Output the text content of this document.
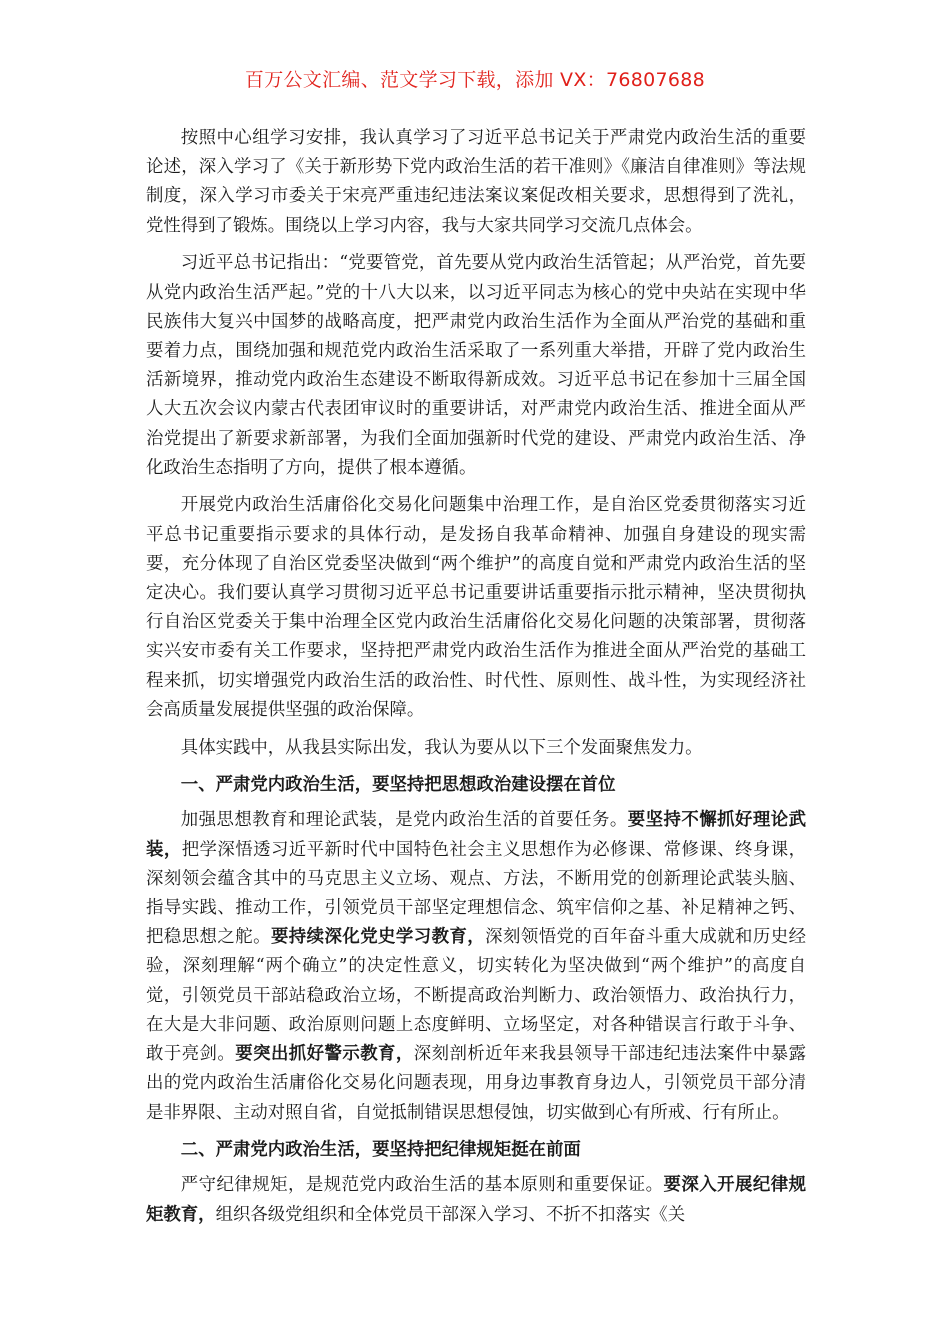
百万公文汇编、范文学习下载，添加 VX：76807688

按照中心组学习安排，我认真学习了习近平总书记关于严肃党内政治生活的重要论述，深入学习了《关于新形势下党内政治生活的若干准则》《廉洁自律准则》等法规制度，深入学习市委关于宋亮严重违纪违法案议案促改相关要求，思想得到了洗礼，党性得到了锻炼。围绕以上学习内容，我与大家共同学习交流几点体会。

习近平总书记指出：“党要管党，首先要从党内政治生活管起；从严治党，首先要从党内政治生活严起。”党的十八大以来，以习近平同志为核心的党中央站在实现中华民族伟大复兴中国梦的战略高度，把严肃党内政治生活作为全面从严治党的基础和重要着力点，围绕加强和规范党内政治生活采取了一系列重大举措，开辟了党内政治生活新境界，推动党内政治生态建设不断取得新成效。习近平总书记在参加十三届全国人大五次会议内蒙古代表团审议时的重要讲话，对严肃党内政治生活、推进全面从严治党提出了新要求新部署，为我们全面加强新时代党的建设、严肃党内政治生活、净化政治生态指明了方向，提供了根本遵循。

开展党内政治生活庸俗化交易化问题集中治理工作，是自治区党委贯彻落实习近平总书记重要指示要求的具体行动，是发扬自我革命精神、加强自身建设的现实需要，充分体现了自治区党委坚决做到“两个维护”的高度自觉和严肃党内政治生活的坚定决心。我们要认真学习贯彻习近平总书记重要讲话重要指示批示精神，坚决贯彻执行自治区党委关于集中治理全区党内政治生活庸俗化交易化问题的决策部署，贯彻落实兴安市委有关工作要求，坚持把严肃党内政治生活作为推进全面从严治党的基础工程来抓，切实增强党内政治生活的政治性、时代性、原则性、战斗性，为实现经济社会高质量发展提供坚强的政治保障。

具体实践中，从我县实际出发，我认为要从以下三个发面聚焦发力。

一、严肃党内政治生活，要坚持把思想政治建设摆在首位

加强思想教育和理论武装，是党内政治生活的首要任务。要坚持不懈抓好理论武装，把学深悟透习近平新时代中国特色社会主义思想作为必修课、常修课、终身课，深刻领会蕴含其中的马克思主义立场、观点、方法，不断用党的创新理论武装头脑、指导实践、推动工作，引领党员干部坚定理想信念、筑牢信仰之基、补足精神之钙、把稳思想之舵。要持续深化党史学习教育，深刻领悟党的百年奋斗重大成就和历史经验，深刻理解“两个确立”的决定性意义，切实转化为坚决做到“两个维护”的高度自觉，引领党员干部站稳政治立场，不断提高政治判断力、政治领悟力、政治执行力，在大是大非问题、政治原则问题上态度鲜明、立场坚定，对各种错误言行敢于斗争、敢于亮剑。要突出抓好警示教育，深刻剖析近年来我县领导干部违纪违法案件中暴露出的党内政治生活庸俗化交易化问题表现，用身边事教育身边人，引领党员干部分清是非界限、主动对照自省，自觉抵制错误思想侵蚀，切实做到心有所戒、行有所止。

二、严肃党内政治生活，要坚持把纪律规矩挺在前面

严守纪律规矩，是规范党内政治生活的基本原则和重要保证。要深入开展纪律规矩教育，组织各级党组织和全体党员干部深入学习、不折不扣落实《关
